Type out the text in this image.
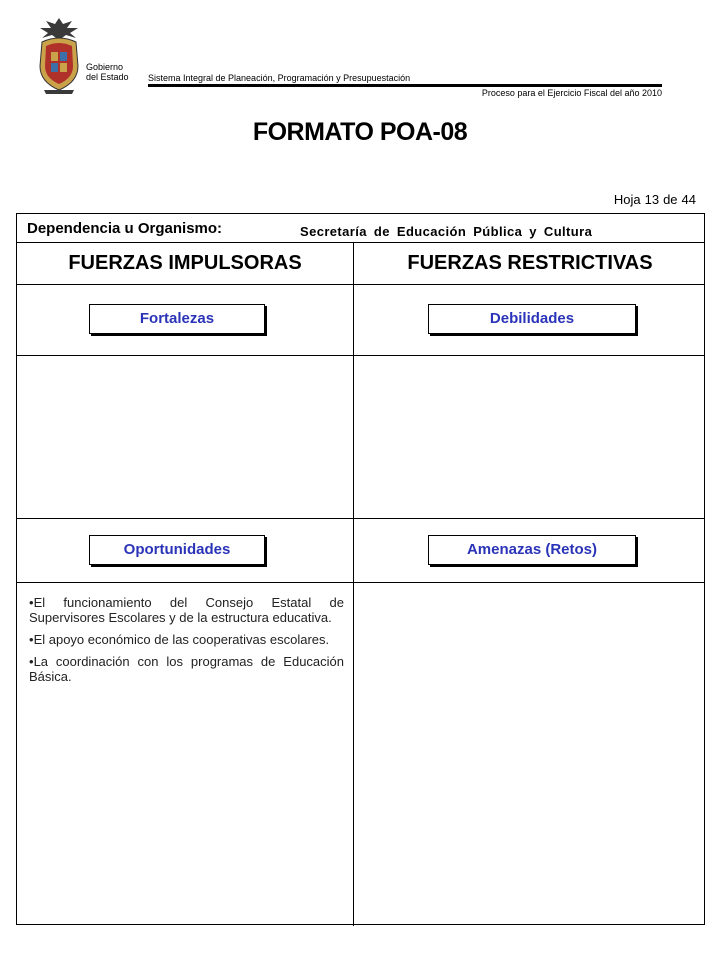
Gobierno
del Estado Sistema Integral de Planeación, Programación y Presupuestación
Proceso para el Ejercicio Fiscal del año 2010
FORMATO POA-08
Hoja 13 de 44
Dependencia u Organismo:	Secretaría de Educación Pública y Cultura
FUERZAS IMPULSORAS	FUERZAS RESTRICTIVAS
Fortalezas	Debilidades
Oportunidades	Amenazas (Retos)
• El funcionamiento del Consejo Estatal de Supervisores Escolares y de la estructura educativa.
• El apoyo económico de las cooperativas escolares.
• La coordinación con los programas de Educación Básica.
